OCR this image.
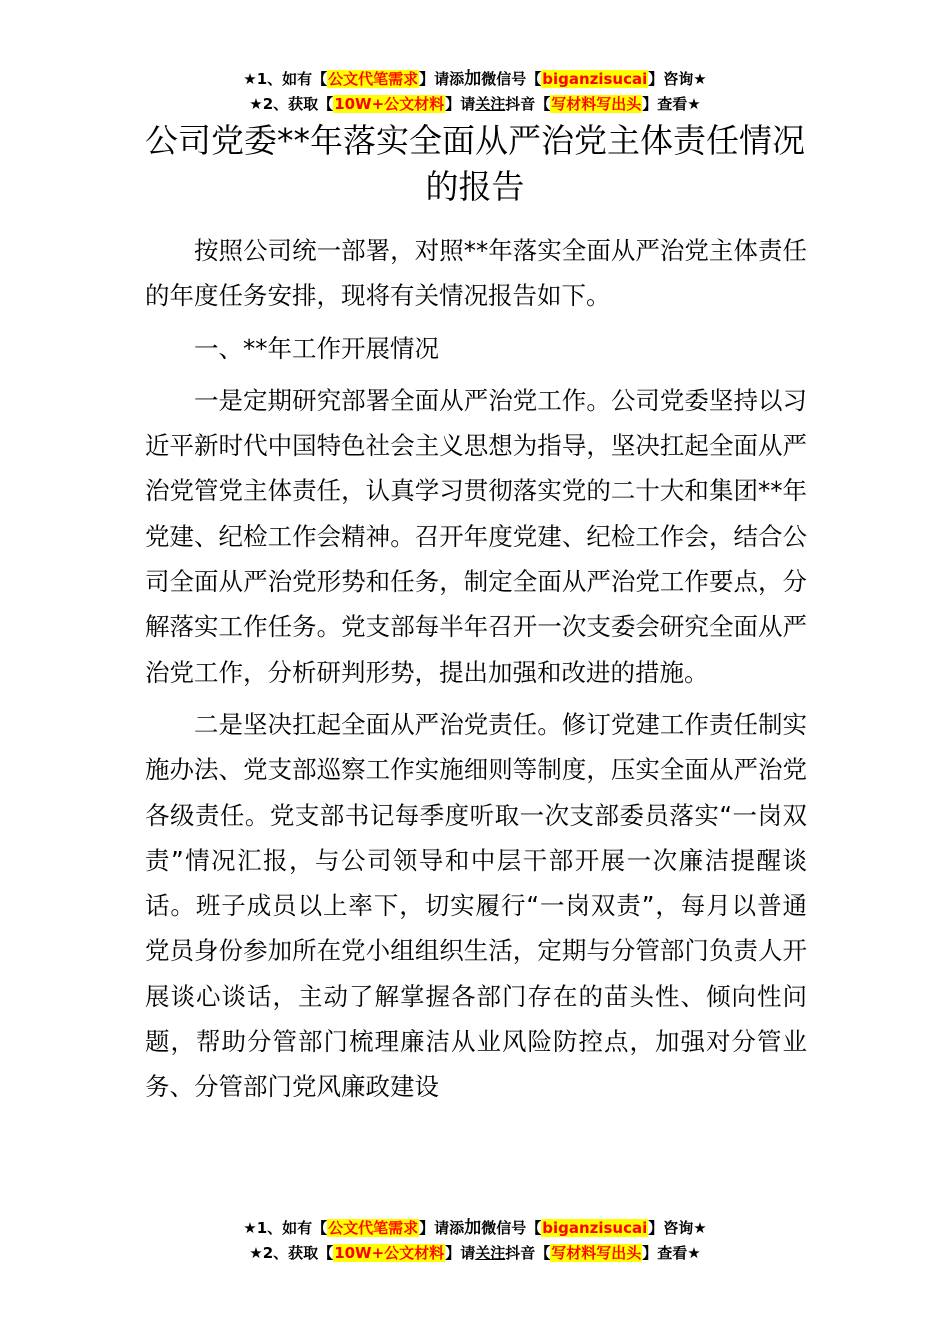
★1、如有【公文代笔需求】请添加微信号【biganzisucai】咨询★
★2、获取【10W+公文材料】请关注抖音【写材料写出头】查看★
公司党委**年落实全面从严治党主体责任情况的报告

按照公司统一部署，对照**年落实全面从严治党主体责任的年度任务安排，现将有关情况报告如下。

一、**年工作开展情况

一是定期研究部署全面从严治党工作。公司党委坚持以习近平新时代中国特色社会主义思想为指导，坚决扛起全面从严治党管党主体责任，认真学习贯彻落实党的二十大和集团**年党建、纪检工作会精神。召开年度党建、纪检工作会，结合公司全面从严治党形势和任务，制定全面从严治党工作要点，分解落实工作任务。党支部每半年召开一次支委会研究全面从严治党工作，分析研判形势，提出加强和改进的措施。

二是坚决扛起全面从严治党责任。修订党建工作责任制实施办法、党支部巡察工作实施细则等制度，压实全面从严治党各级责任。党支部书记每季度听取一次支部委员落实“一岗双责”情况汇报，与公司领导和中层干部开展一次廉洁提醒谈话。班子成员以上率下，切实履行“一岗双责”，每月以普通党员身份参加所在党小组组织生活，定期与分管部门负责人开展谈心谈话，主动了解掌握各部门存在的苗头性、倾向性问题，帮助分管部门梳理廉洁从业风险防控点，加强对分管业务、分管部门党风廉政建设

★1、如有【公文代笔需求】请添加微信号【biganzisucai】咨询★
★2、获取【10W+公文材料】请关注抖音【写材料写出头】查看★
